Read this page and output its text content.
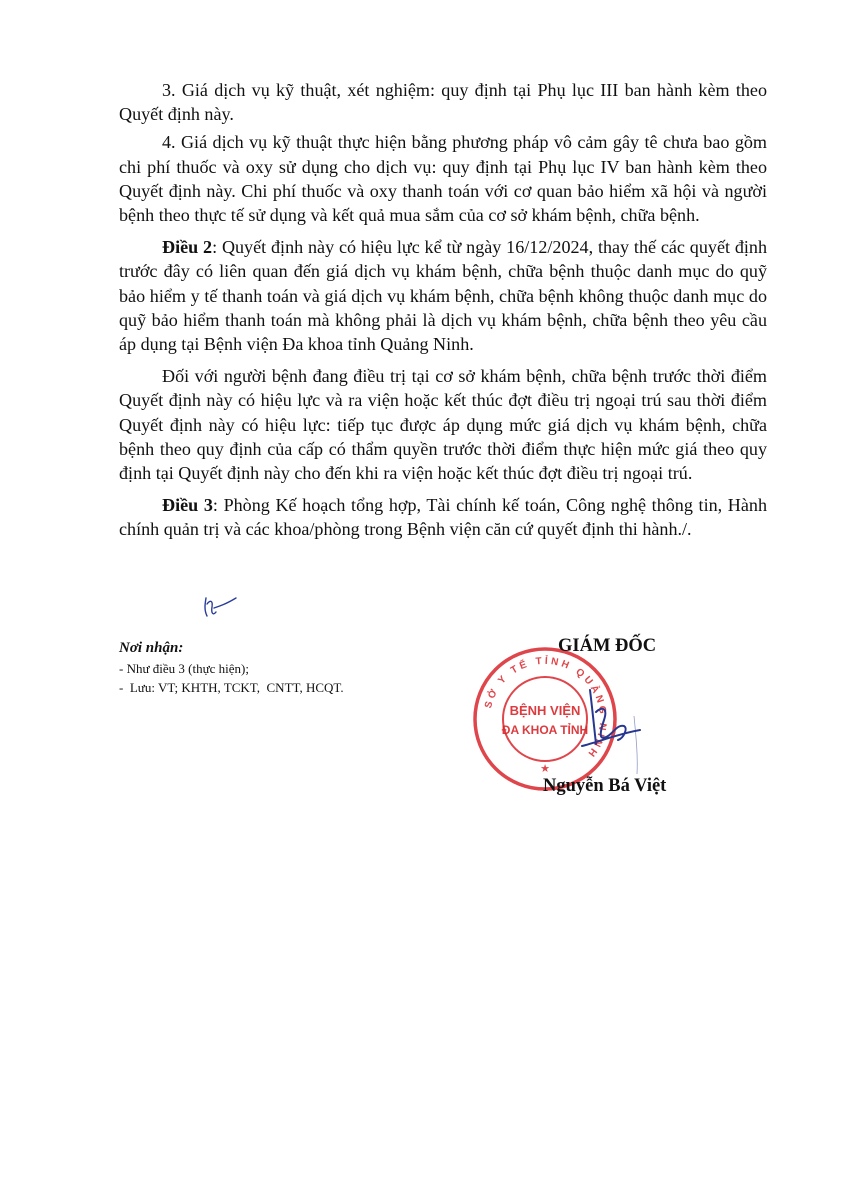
3. Giá dịch vụ kỹ thuật, xét nghiệm: quy định tại Phụ lục III ban hành kèm theo Quyết định này.

4. Giá dịch vụ kỹ thuật thực hiện bằng phương pháp vô cảm gây tê chưa bao gồm chi phí thuốc và oxy sử dụng cho dịch vụ: quy định tại Phụ lục IV ban hành kèm theo Quyết định này. Chi phí thuốc và oxy thanh toán với cơ quan bảo hiểm xã hội và người bệnh theo thực tế sử dụng và kết quả mua sắm của cơ sở khám bệnh, chữa bệnh.

Điều 2: Quyết định này có hiệu lực kể từ ngày 16/12/2024, thay thế các quyết định trước đây có liên quan đến giá dịch vụ khám bệnh, chữa bệnh thuộc danh mục do quỹ bảo hiểm y tế thanh toán và giá dịch vụ khám bệnh, chữa bệnh không thuộc danh mục do quỹ bảo hiểm thanh toán mà không phải là dịch vụ khám bệnh, chữa bệnh theo yêu cầu áp dụng tại Bệnh viện Đa khoa tỉnh Quảng Ninh.

Đối với người bệnh đang điều trị tại cơ sở khám bệnh, chữa bệnh trước thời điểm Quyết định này có hiệu lực và ra viện hoặc kết thúc đợt điều trị ngoại trú sau thời điểm Quyết định này có hiệu lực: tiếp tục được áp dụng mức giá dịch vụ khám bệnh, chữa bệnh theo quy định của cấp có thẩm quyền trước thời điểm thực hiện mức giá theo quy định tại Quyết định này cho đến khi ra viện hoặc kết thúc đợt điều trị ngoại trú.

Điều 3: Phòng Kế hoạch tổng hợp, Tài chính kế toán, Công nghệ thông tin, Hành chính quản trị và các khoa/phòng trong Bệnh viện căn cứ quyết định thi hành./.

Nơi nhận:
- Như điều 3 (thực hiện);
-  Lưu: VT; KHTH, TCKT,  CNTT, HCQT.
SỞ Y TẾ TỈNH QUẢNG NINH
★
BỆNH VIỆN
ĐA KHOA TỈNH
GIÁM ĐỐC
Nguyễn Bá Việt
